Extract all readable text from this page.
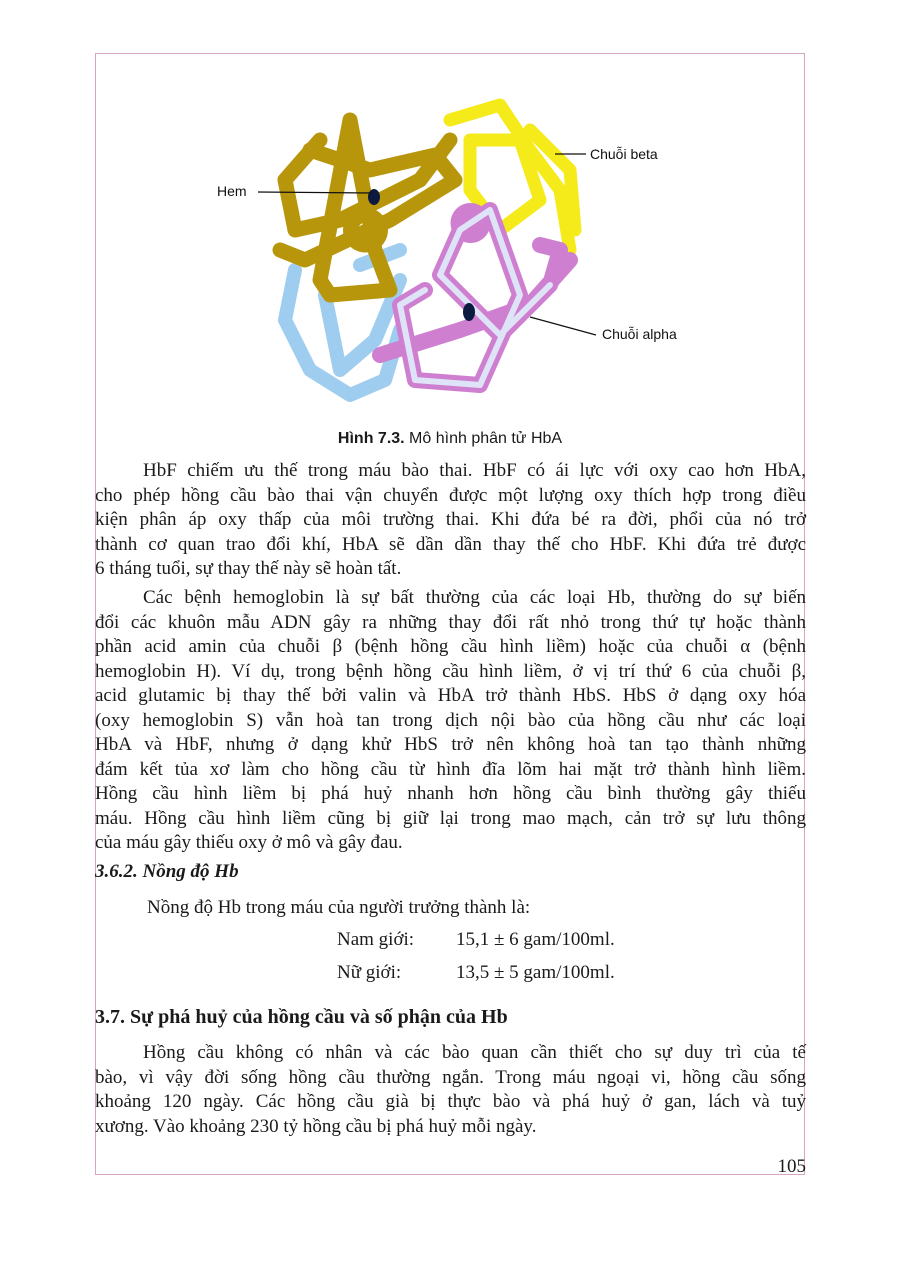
Hem
Chuỗi beta
Chuỗi alpha
Hình 7.3. Mô hình phân tử HbA
HbF chiếm ưu thế trong máu bào thai. HbF có ái lực với oxy cao hơn HbA,
cho phép hồng cầu bào thai vận chuyển được một lượng oxy thích hợp trong điều
kiện phân áp oxy thấp của môi trường thai. Khi đứa bé ra đời, phổi của nó trở
thành cơ quan trao đổi khí, HbA sẽ dần dần thay thế cho HbF. Khi đứa trẻ được
6 tháng tuổi, sự thay thế này sẽ hoàn tất.
Các bệnh hemoglobin là sự bất thường của các loại Hb, thường do sự biến
đổi các khuôn mẫu ADN gây ra những thay đổi rất nhỏ trong thứ tự hoặc thành
phần acid amin của chuỗi β (bệnh hồng cầu hình liềm) hoặc của chuỗi α (bệnh
hemoglobin H). Ví dụ, trong bệnh hồng cầu hình liềm, ở vị trí thứ 6 của chuỗi β,
acid glutamic bị thay thế bởi valin và HbA trở thành HbS. HbS ở dạng oxy hóa
(oxy hemoglobin S) vẫn hoà tan trong dịch nội bào của hồng cầu như các loại
HbA và HbF, nhưng ở dạng khử HbS trở nên không hoà tan tạo thành những
đám kết tủa xơ làm cho hồng cầu từ hình đĩa lõm hai mặt trở thành hình liềm.
Hồng cầu hình liềm bị phá huỷ nhanh hơn hồng cầu bình thường gây thiếu
máu. Hồng cầu hình liềm cũng bị giữ lại trong mao mạch, cản trở sự lưu thông
của máu gây thiếu oxy ở mô và gây đau.
3.6.2. Nồng độ Hb
Nồng độ Hb trong máu của người trưởng thành là:
Nam giới: 15,1 ± 6 gam/100ml.
Nữ giới:	13,5 ± 5 gam/100ml.
3.7. Sự phá huỷ của hồng cầu và số phận của Hb
Hồng cầu không có nhân và các bào quan cần thiết cho sự duy trì của tế
bào, vì vậy đời sống hồng cầu thường ngắn. Trong máu ngoại vi, hồng cầu sống
khoảng 120 ngày. Các hồng cầu già bị thực bào và phá huỷ ở gan, lách và tuỷ
xương. Vào khoảng 230 tỷ hồng cầu bị phá huỷ mỗi ngày.
105
